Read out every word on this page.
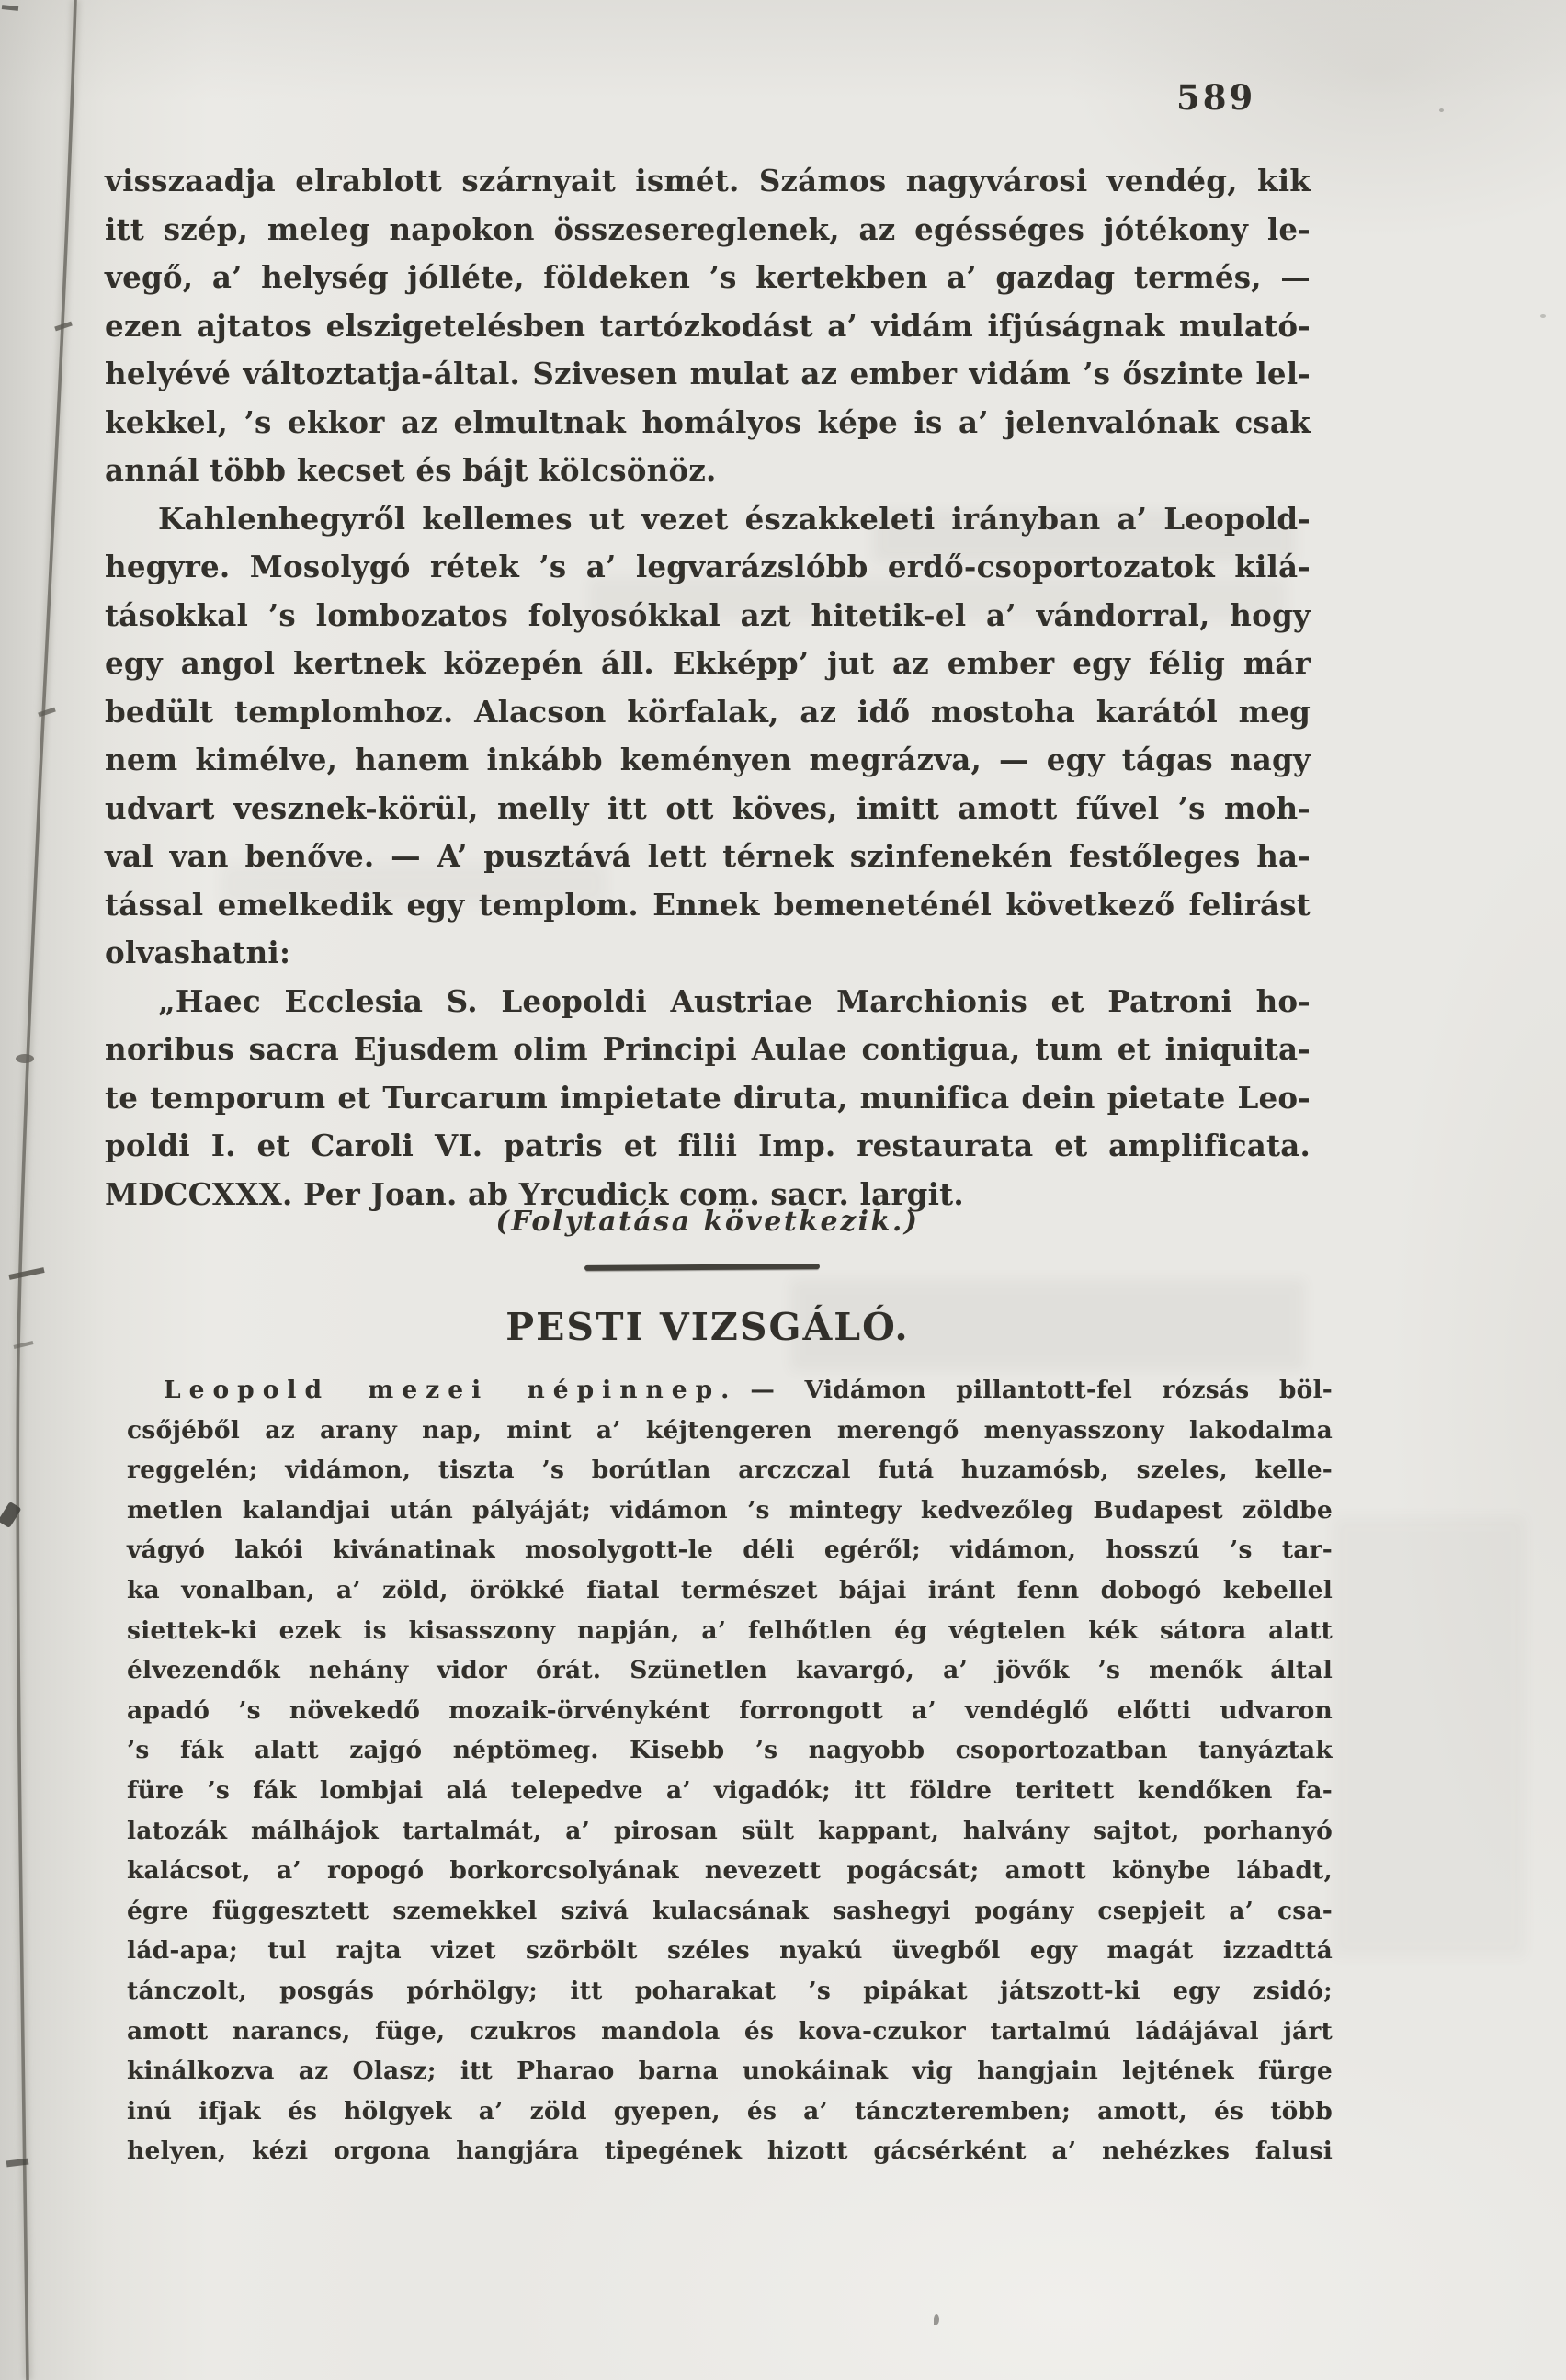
589
visszaadja elrablott szárnyait ismét. Számos nagyvárosi vendég, kik
itt szép, meleg napokon összesereglenek, az egésséges jótékony le-
vegő, a’ helység jólléte, földeken ’s kertekben a’ gazdag termés, —
ezen ajtatos elszigetelésben tartózkodást a’ vidám ifjúságnak mulató-
helyévé változtatja-által. Szivesen mulat az ember vidám ’s őszinte lel-
kekkel, ’s ekkor az elmultnak homályos képe is a’ jelenvalónak csak
annál több kecset és bájt kölcsönöz.
Kahlenhegyről kellemes ut vezet északkeleti irányban a’ Leopold-
hegyre. Mosolygó rétek ’s a’ legvarázslóbb erdő-csoportozatok kilá-
tásokkal ’s lombozatos folyosókkal azt hitetik-el a’ vándorral, hogy
egy angol kertnek közepén áll. Ekképp’ jut az ember egy félig már
bedült templomhoz. Alacson körfalak, az idő mostoha karától meg
nem kimélve, hanem inkább keményen megrázva, — egy tágas nagy
udvart vesznek-körül, melly itt ott köves, imitt amott fűvel ’s moh-
val van benőve. — A’ pusztává lett térnek szinfenekén festőleges ha-
tással emelkedik egy templom. Ennek bemeneténél következő felirást
olvashatni:
„Haec Ecclesia S. Leopoldi Austriae Marchionis et Patroni ho-
noribus sacra Ejusdem olim Principi Aulae contigua, tum et iniquita-
te temporum et Turcarum impietate diruta, munifica dein pietate Leo-
poldi I. et Caroli VI. patris et filii Imp. restaurata et amplificata.
MDCCXXX. Per Joan. ab Yrcudick com. sacr. largit.
(Folytatása következik.)
PESTI VIZSGÁLÓ.
Leopold mezei népinnep. — Vidámon pillantott-fel rózsás böl-
csőjéből az arany nap, mint a’ kéjtengeren merengő menyasszony lakodalma
reggelén; vidámon, tiszta ’s borútlan arczczal futá huzamósb, szeles, kelle-
metlen kalandjai után pályáját; vidámon ’s mintegy kedvezőleg Budapest zöldbe
vágyó lakói kivánatinak mosolygott-le déli egéről; vidámon, hosszú ’s tar-
ka vonalban, a’ zöld, örökké fiatal természet bájai iránt fenn dobogó kebellel
siettek-ki ezek is kisasszony napján, a’ felhőtlen ég végtelen kék sátora alatt
élvezendők nehány vidor órát. Szünetlen kavargó, a’ jövők ’s menők által
apadó ’s növekedő mozaik-örvényként forrongott a’ vendéglő előtti udvaron
’s fák alatt zajgó néptömeg. Kisebb ’s nagyobb csoportozatban tanyáztak
füre ’s fák lombjai alá telepedve a’ vigadók; itt földre teritett kendőken fa-
latozák málhájok tartalmát, a’ pirosan sült kappant, halvány sajtot, porhanyó
kalácsot, a’ ropogó borkorcsolyának nevezett pogácsát; amott könybe lábadt,
égre függesztett szemekkel szivá kulacsának sashegyi pogány csepjeit a’ csa-
lád-apa; tul rajta vizet szörbölt széles nyakú üvegből egy magát izzadttá
tánczolt, posgás pórhölgy; itt poharakat ’s pipákat játszott-ki egy zsidó;
amott narancs, füge, czukros mandola és kova-czukor tartalmú ládájával járt
kinálkozva az Olasz; itt Pharao barna unokáinak vig hangjain lejtének fürge
inú ifjak és hölgyek a’ zöld gyepen, és a’ tánczteremben; amott, és több
helyen, kézi orgona hangjára tipegének hizott gácsérként a’ nehézkes falusi
